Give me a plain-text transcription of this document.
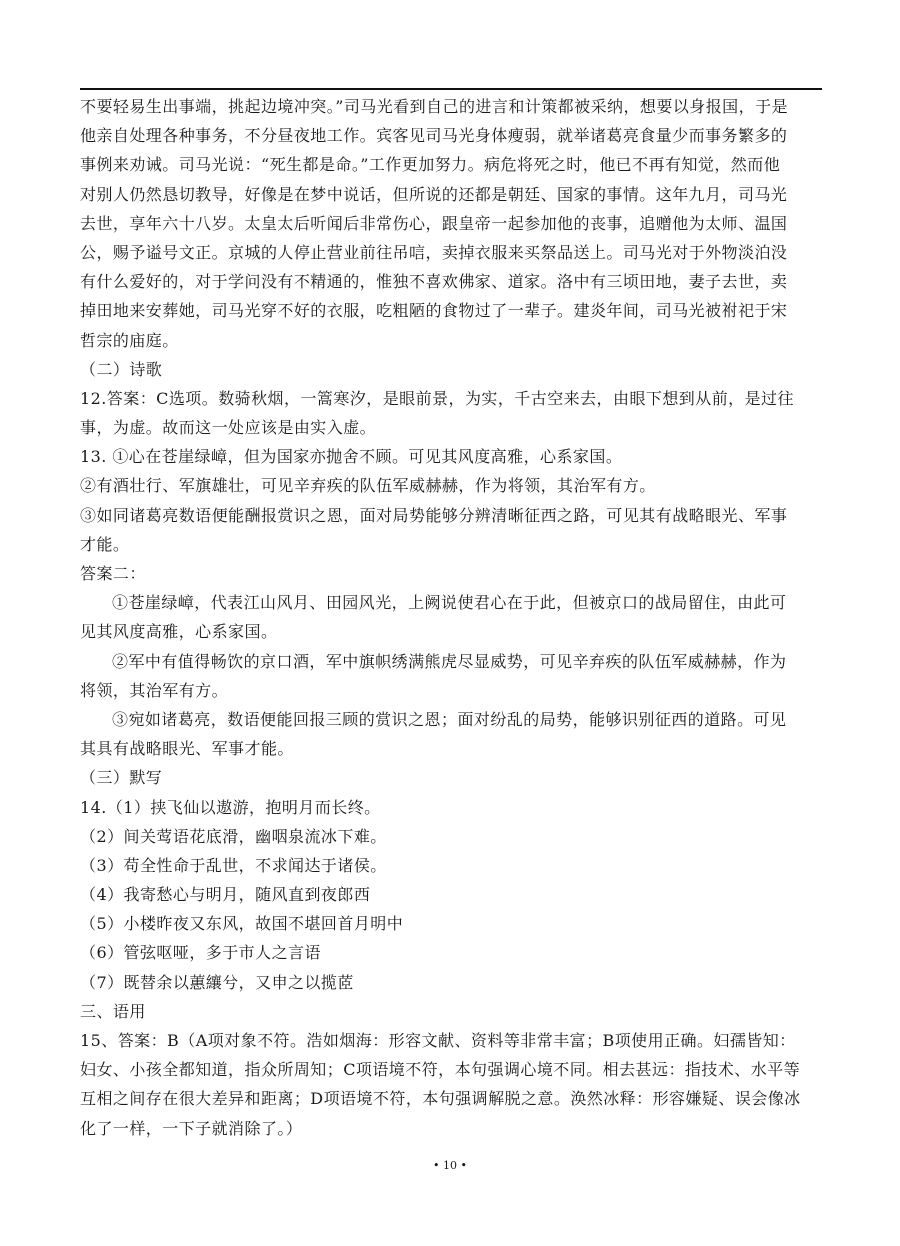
不要轻易生出事端，挑起边境冲突。”司马光看到自己的进言和计策都被采纳，想要以身报国，于是
他亲自处理各种事务，不分昼夜地工作。宾客见司马光身体瘦弱，就举诸葛亮食量少而事务繁多的
事例来劝诫。司马光说：“死生都是命。”工作更加努力。病危将死之时，他已不再有知觉，然而他
对别人仍然恳切教导，好像是在梦中说话，但所说的还都是朝廷、国家的事情。这年九月，司马光
去世，享年六十八岁。太皇太后听闻后非常伤心，跟皇帝一起参加他的丧事，追赠他为太师、温国
公，赐予谥号文正。京城的人停止营业前往吊唁，卖掉衣服来买祭品送上。司马光对于外物淡泊没
有什么爱好的，对于学问没有不精通的，惟独不喜欢佛家、道家。洛中有三顷田地，妻子去世，卖
掉田地来安葬她，司马光穿不好的衣服，吃粗陋的食物过了一辈子。建炎年间，司马光被祔祀于宋
哲宗的庙庭。
（二）诗歌
12.答案：C选项。数骑秋烟，一篙寒汐，是眼前景，为实，千古空来去，由眼下想到从前，是过往
事，为虚。故而这一处应该是由实入虚。
13. ①心在苍崖绿嶂，但为国家亦抛舍不顾。可见其风度高雅，心系家国。
②有酒壮行、军旗雄壮，可见辛弃疾的队伍军威赫赫，作为将领，其治军有方。
③如同诸葛亮数语便能酬报赏识之恩，面对局势能够分辨清晰征西之路，可见其有战略眼光、军事
才能。
答案二：
①苍崖绿嶂，代表江山风月、田园风光，上阙说使君心在于此，但被京口的战局留住，由此可
见其风度高雅，心系家国。
②军中有值得畅饮的京口酒，军中旗帜绣满熊虎尽显威势，可见辛弃疾的队伍军威赫赫，作为
将领，其治军有方。
③宛如诸葛亮，数语便能回报三顾的赏识之恩；面对纷乱的局势，能够识别征西的道路。可见
其具有战略眼光、军事才能。
（三）默写
14.（1）挟飞仙以遨游，抱明月而长终。
（2）间关莺语花底滑，幽咽泉流冰下难。
（3）苟全性命于乱世，不求闻达于诸侯。
（4）我寄愁心与明月，随风直到夜郎西
（5）小楼昨夜又东风，故国不堪回首月明中
（6）管弦呕哑，多于市人之言语
（7）既替余以蕙纕兮，又申之以揽茝
三、语用
15、答案：B（A项对象不符。浩如烟海：形容文献、资料等非常丰富；B项使用正确。妇孺皆知：
妇女、小孩全都知道，指众所周知；C项语境不符，本句强调心境不同。相去甚远：指技术、水平等
互相之间存在很大差异和距离；D项语境不符，本句强调解脱之意。涣然冰释：形容嫌疑、误会像冰
化了一样，一下子就消除了。）
• 10 •
